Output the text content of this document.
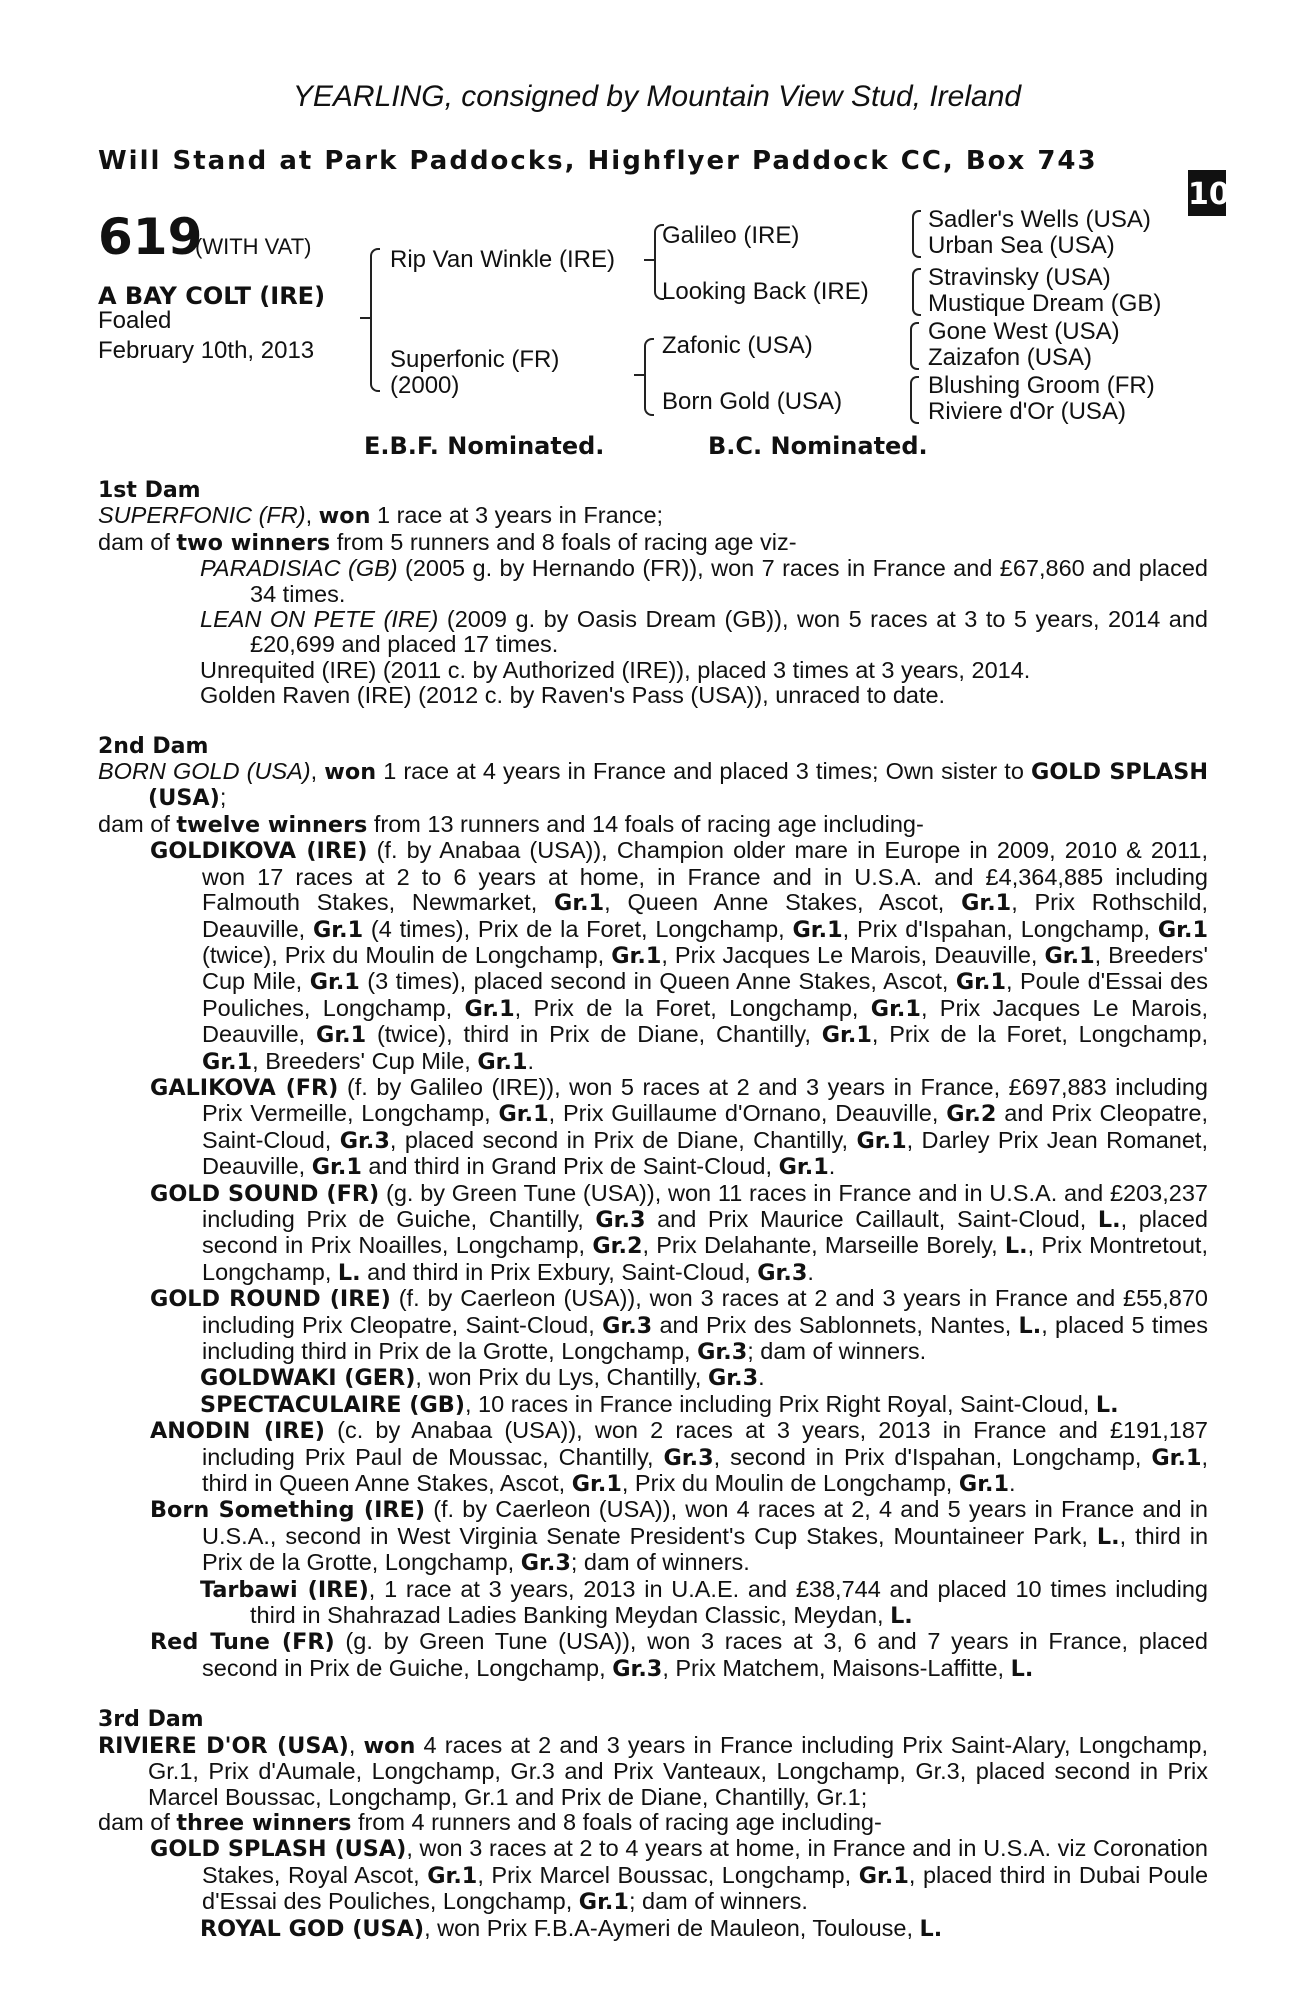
YEARLING, consigned by Mountain View Stud, Ireland
Will Stand at Park Paddocks, Highflyer Paddock CC, Box 743	+
10
619
(WITH VAT)
A BAY COLT (IRE)
Foaled
February 10th, 2013
Rip Van Winkle (IRE)
Superfonic (FR)
(2000)
Galileo (IRE)
Looking Back (IRE)
Zafonic (USA)
Born Gold (USA)
Sadler's Wells (USA)
Urban Sea (USA)
Stravinsky (USA)
Mustique Dream (GB)
Gone West (USA)
Zaizafon (USA)
Blushing Groom (FR)
Riviere d'Or (USA)
E.B.F. Nominated.	B.C. Nominated.
1st Dam
SUPERFONIC (FR), won 1 race at 3 years in France;
dam of two winners from 5 runners and 8 foals of racing age viz-
PARADISIAC (GB) (2005 g. by Hernando (FR)), won 7 races in France and £67,860 and placed 34 times.
LEAN ON PETE (IRE) (2009 g. by Oasis Dream (GB)), won 5 races at 3 to 5 years, 2014 and £20,699 and placed 17 times.
Unrequited (IRE) (2011 c. by Authorized (IRE)), placed 3 times at 3 years, 2014.
Golden Raven (IRE) (2012 c. by Raven's Pass (USA)), unraced to date.
2nd Dam
BORN GOLD (USA), won 1 race at 4 years in France and placed 3 times; Own sister to GOLD SPLASH (USA);
dam of twelve winners from 13 runners and 14 foals of racing age including-
GOLDIKOVA (IRE) (f. by Anabaa (USA)), Champion older mare in Europe in 2009, 2010 & 2011, won 17 races at 2 to 6 years at home, in France and in U.S.A. and £4,364,885 including Falmouth Stakes, Newmarket, Gr.1, Queen Anne Stakes, Ascot, Gr.1, Prix Rothschild, Deauville, Gr.1 (4 times), Prix de la Foret, Longchamp, Gr.1, Prix d'Ispahan, Longchamp, Gr.1 (twice), Prix du Moulin de Longchamp, Gr.1, Prix Jacques Le Marois, Deauville, Gr.1, Breeders' Cup Mile, Gr.1 (3 times), placed second in Queen Anne Stakes, Ascot, Gr.1, Poule d'Essai des Pouliches, Longchamp, Gr.1, Prix de la Foret, Longchamp, Gr.1, Prix Jacques Le Marois, Deauville, Gr.1 (twice), third in Prix de Diane, Chantilly, Gr.1, Prix de la Foret, Longchamp, Gr.1, Breeders' Cup Mile, Gr.1.
GALIKOVA (FR) (f. by Galileo (IRE)), won 5 races at 2 and 3 years in France, £697,883 including Prix Vermeille, Longchamp, Gr.1, Prix Guillaume d'Ornano, Deauville, Gr.2 and Prix Cleopatre, Saint-Cloud, Gr.3, placed second in Prix de Diane, Chantilly, Gr.1, Darley Prix Jean Romanet, Deauville, Gr.1 and third in Grand Prix de Saint-Cloud, Gr.1.
GOLD SOUND (FR) (g. by Green Tune (USA)), won 11 races in France and in U.S.A. and £203,237 including Prix de Guiche, Chantilly, Gr.3 and Prix Maurice Caillault, Saint-Cloud, L., placed second in Prix Noailles, Longchamp, Gr.2, Prix Delahante, Marseille Borely, L., Prix Montretout, Longchamp, L. and third in Prix Exbury, Saint-Cloud, Gr.3.
GOLD ROUND (IRE) (f. by Caerleon (USA)), won 3 races at 2 and 3 years in France and £55,870 including Prix Cleopatre, Saint-Cloud, Gr.3 and Prix des Sablonnets, Nantes, L., placed 5 times including third in Prix de la Grotte, Longchamp, Gr.3; dam of winners.
GOLDWAKI (GER), won Prix du Lys, Chantilly, Gr.3.
SPECTACULAIRE (GB), 10 races in France including Prix Right Royal, Saint-Cloud, L.
ANODIN (IRE) (c. by Anabaa (USA)), won 2 races at 3 years, 2013 in France and £191,187 including Prix Paul de Moussac, Chantilly, Gr.3, second in Prix d'Ispahan, Longchamp, Gr.1, third in Queen Anne Stakes, Ascot, Gr.1, Prix du Moulin de Longchamp, Gr.1.
Born Something (IRE) (f. by Caerleon (USA)), won 4 races at 2, 4 and 5 years in France and in U.S.A., second in West Virginia Senate President's Cup Stakes, Mountaineer Park, L., third in Prix de la Grotte, Longchamp, Gr.3; dam of winners.
Tarbawi (IRE), 1 race at 3 years, 2013 in U.A.E. and £38,744 and placed 10 times including third in Shahrazad Ladies Banking Meydan Classic, Meydan, L.
Red Tune (FR) (g. by Green Tune (USA)), won 3 races at 3, 6 and 7 years in France, placed second in Prix de Guiche, Longchamp, Gr.3, Prix Matchem, Maisons-Laffitte, L.
3rd Dam
RIVIERE D'OR (USA), won 4 races at 2 and 3 years in France including Prix Saint-Alary, Longchamp, Gr.1, Prix d'Aumale, Longchamp, Gr.3 and Prix Vanteaux, Longchamp, Gr.3, placed second in Prix Marcel Boussac, Longchamp, Gr.1 and Prix de Diane, Chantilly, Gr.1;
dam of three winners from 4 runners and 8 foals of racing age including-
GOLD SPLASH (USA), won 3 races at 2 to 4 years at home, in France and in U.S.A. viz Coronation Stakes, Royal Ascot, Gr.1, Prix Marcel Boussac, Longchamp, Gr.1, placed third in Dubai Poule d'Essai des Pouliches, Longchamp, Gr.1; dam of winners.
ROYAL GOD (USA), won Prix F.B.A-Aymeri de Mauleon, Toulouse, L.
